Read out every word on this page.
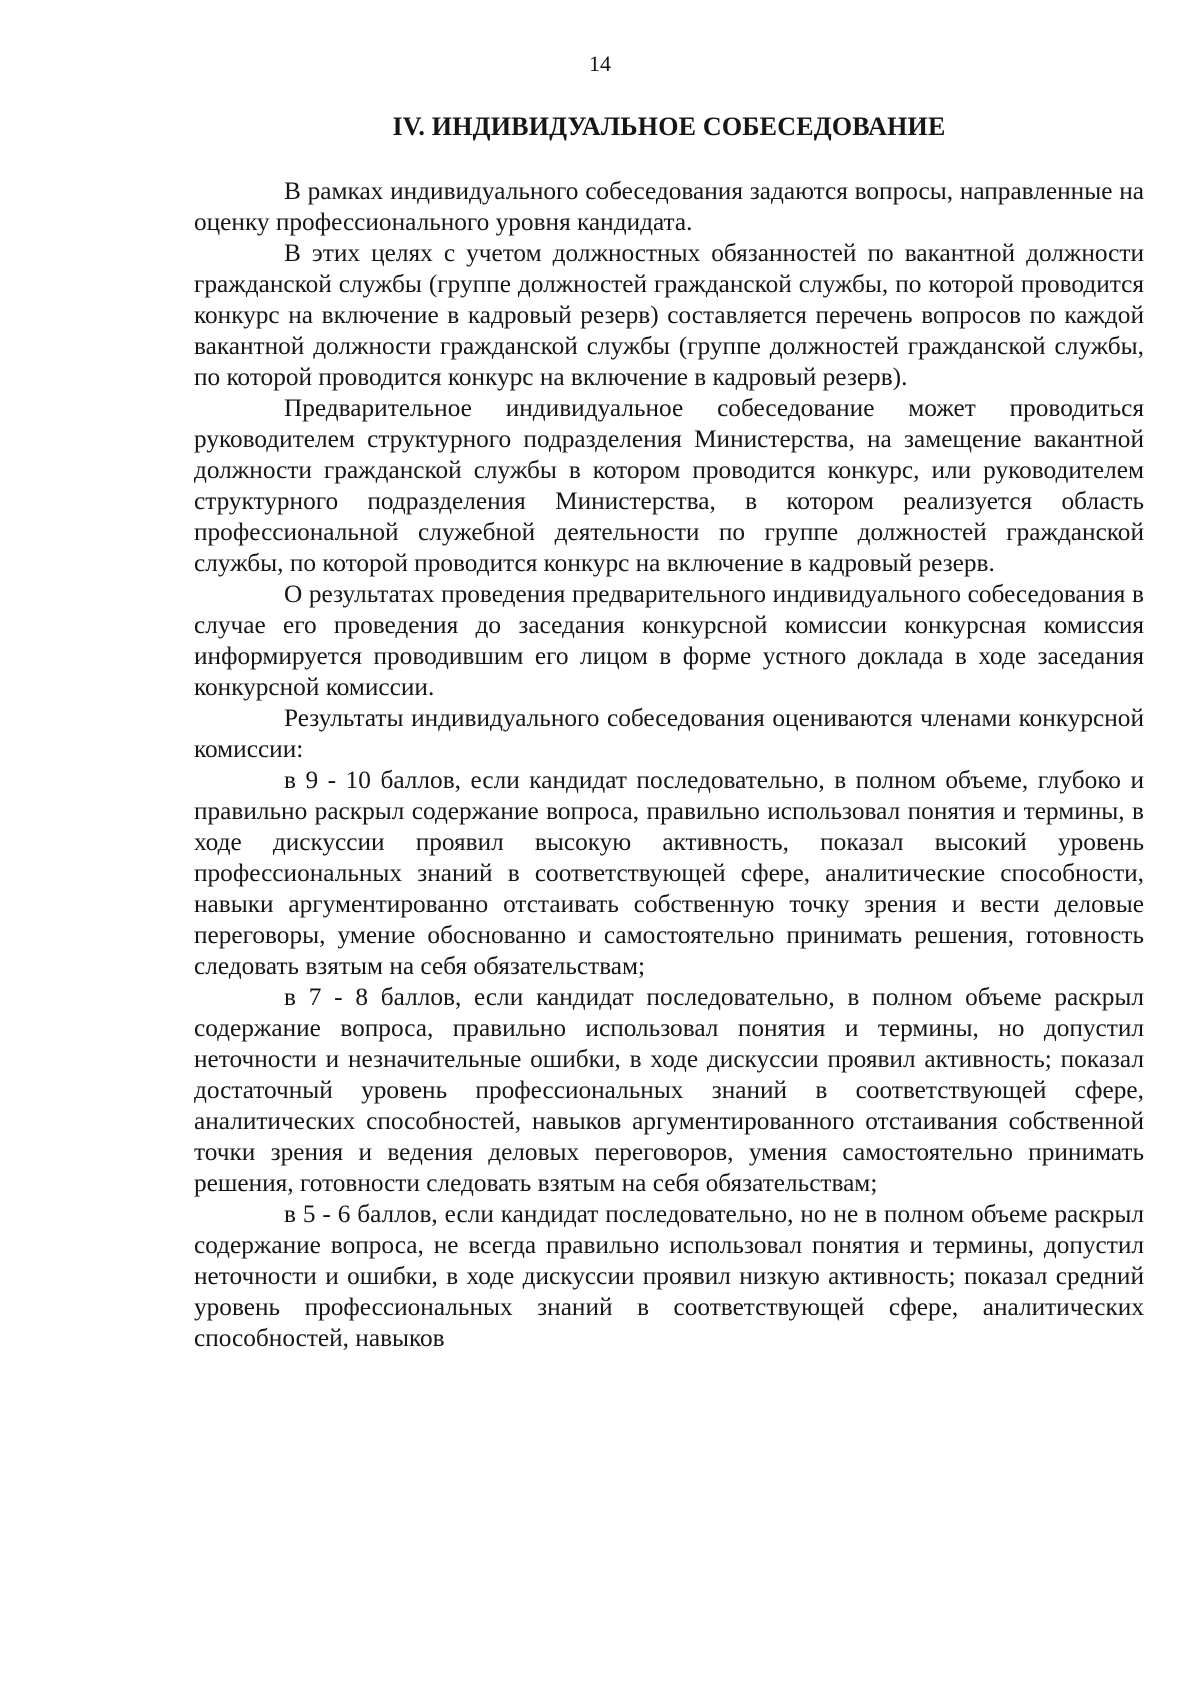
14
IV. ИНДИВИДУАЛЬНОЕ СОБЕСЕДОВАНИЕ

В рамках индивидуального собеседования задаются вопросы, направленные на оценку профессионального уровня кандидата.

В этих целях с учетом должностных обязанностей по вакантной должности гражданской службы (группе должностей гражданской службы, по которой проводится конкурс на включение в кадровый резерв) составляется перечень вопросов по каждой вакантной должности гражданской службы (группе должностей гражданской службы, по которой проводится конкурс на включение в кадровый резерв).

Предварительное индивидуальное собеседование может проводиться руководителем структурного подразделения Министерства, на замещение вакантной должности гражданской службы в котором проводится конкурс, или руководителем структурного подразделения Министерства, в котором реализуется область профессиональной служебной деятельности по группе должностей гражданской службы, по которой проводится конкурс на включение в кадровый резерв.

О результатах проведения предварительного индивидуального собеседования в случае его проведения до заседания конкурсной комиссии конкурсная комиссия информируется проводившим его лицом в форме устного доклада в ходе заседания конкурсной комиссии.

Результаты индивидуального собеседования оцениваются членами конкурсной комиссии:

в 9 - 10 баллов, если кандидат последовательно, в полном объеме, глубоко и правильно раскрыл содержание вопроса, правильно использовал понятия и термины, в ходе дискуссии проявил высокую активность, показал высокий уровень профессиональных знаний в соответствующей сфере, аналитические способности, навыки аргументированно отстаивать собственную точку зрения и вести деловые переговоры, умение обоснованно и самостоятельно принимать решения, готовность следовать взятым на себя обязательствам;

в 7 - 8 баллов, если кандидат последовательно, в полном объеме раскрыл содержание вопроса, правильно использовал понятия и термины, но допустил неточности и незначительные ошибки, в ходе дискуссии проявил активность; показал достаточный уровень профессиональных знаний в соответствующей сфере, аналитических способностей, навыков аргументированного отстаивания собственной точки зрения и ведения деловых переговоров, умения самостоятельно принимать решения, готовности следовать взятым на себя обязательствам;

в 5 - 6 баллов, если кандидат последовательно, но не в полном объеме раскрыл содержание вопроса, не всегда правильно использовал понятия и термины, допустил неточности и ошибки, в ходе дискуссии проявил низкую активность; показал средний уровень профессиональных знаний в соответствующей сфере, аналитических способностей, навыков
